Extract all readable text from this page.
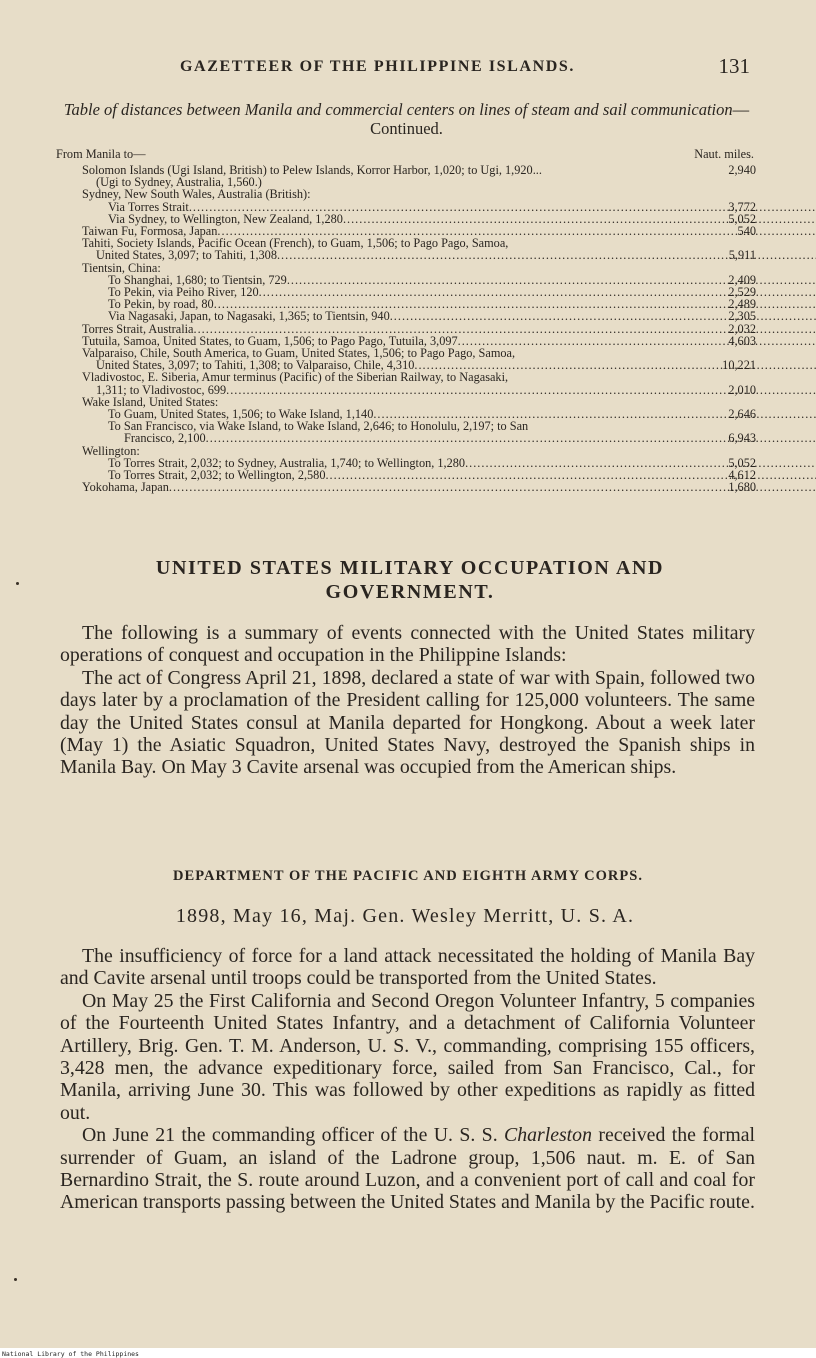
GAZETTEER OF THE PHILIPPINE ISLANDS.	131
Table of distances between Manila and commercial centers on lines of steam and sail communication—Continued.
From Manila to—	Naut. miles.
Solomon Islands (Ugi Island, British) to Pelew Islands, Korror Harbor, 1,020; to Ugi, 1,920...	2,940
(Ugi to Sydney, Australia, 1,560.)
Sydney, New South Wales, Australia (British):
Via Torres Strait .....	3,772
Via Sydney, to Wellington, New Zealand, 1,280 .....	5,052
Taiwan Fu, Formosa, Japan .....	540
Tahiti, Society Islands, Pacific Ocean (French), to Guam, 1,506; to Pago Pago, Samoa,
United States, 3,097; to Tahiti, 1,308 .....	5,911
Tientsin, China:
To Shanghai, 1,680; to Tientsin, 729 .....	2,409
To Pekin, via Peiho River, 120 .....	2,529
To Pekin, by road, 80 .....	2,489
Via Nagasaki, Japan, to Nagasaki, 1,365; to Tientsin, 940 .....	2,305
Torres Strait, Australia .....	2,032
Tutuila, Samoa, United States, to Guam, 1,506; to Pago Pago, Tutuila, 3,097 .....	4,603
Valparaiso, Chile, South America, to Guam, United States, 1,506; to Pago Pago, Samoa,
United States, 3,097; to Tahiti, 1,308; to Valparaiso, Chile, 4,310 .....	10,221
Vladivostoc, E. Siberia, Amur terminus (Pacific) of the Siberian Railway, to Nagasaki,
1,311; to Vladivostoc, 699 .....	2,010
Wake Island, United States:
To Guam, United States, 1,506; to Wake Island, 1,140 .....	2,646
To San Francisco, via Wake Island, to Wake Island, 2,646; to Honolulu, 2,197; to San
Francisco, 2,100 .....	6,943
Wellington:
To Torres Strait, 2,032; to Sydney, Australia, 1,740; to Wellington, 1,280 .....	5,052
To Torres Strait, 2,032; to Wellington, 2,580 .....	4,612
Yokohama, Japan .....	1,680
UNITED STATES MILITARY OCCUPATION AND GOVERNMENT.

The following is a summary of events connected with the United States military operations of conquest and occupation in the Philippine Islands:

The act of Congress April 21, 1898, declared a state of war with Spain, followed two days later by a proclamation of the President calling for 125,000 volunteers. The same day the United States consul at Manila departed for Hongkong. About a week later (May 1) the Asiatic Squadron, United States Navy, destroyed the Spanish ships in Manila Bay. On May 3 Cavite arsenal was occupied from the American ships.

DEPARTMENT OF THE PACIFIC AND EIGHTH ARMY CORPS.
1898, May 16, Maj. Gen. Wesley Merritt, U. S. A.

The insufficiency of force for a land attack necessitated the holding of Manila Bay and Cavite arsenal until troops could be transported from the United States.

On May 25 the First California and Second Oregon Volunteer Infantry, 5 companies of the Fourteenth United States Infantry, and a detachment of California Volunteer Artillery, Brig. Gen. T. M. Anderson, U. S. V., commanding, comprising 155 officers, 3,428 men, the advance expeditionary force, sailed from San Francisco, Cal., for Manila, arriving June 30. This was followed by other expeditions as rapidly as fitted out.

On June 21 the commanding officer of the U. S. S. Charleston received the formal surrender of Guam, an island of the Ladrone group, 1,506 naut. m. E. of San Bernardino Strait, the S. route around Luzon, and a convenient port of call and coal for American transports passing between the United States and Manila by the Pacific route.

National Library of the Philippines
